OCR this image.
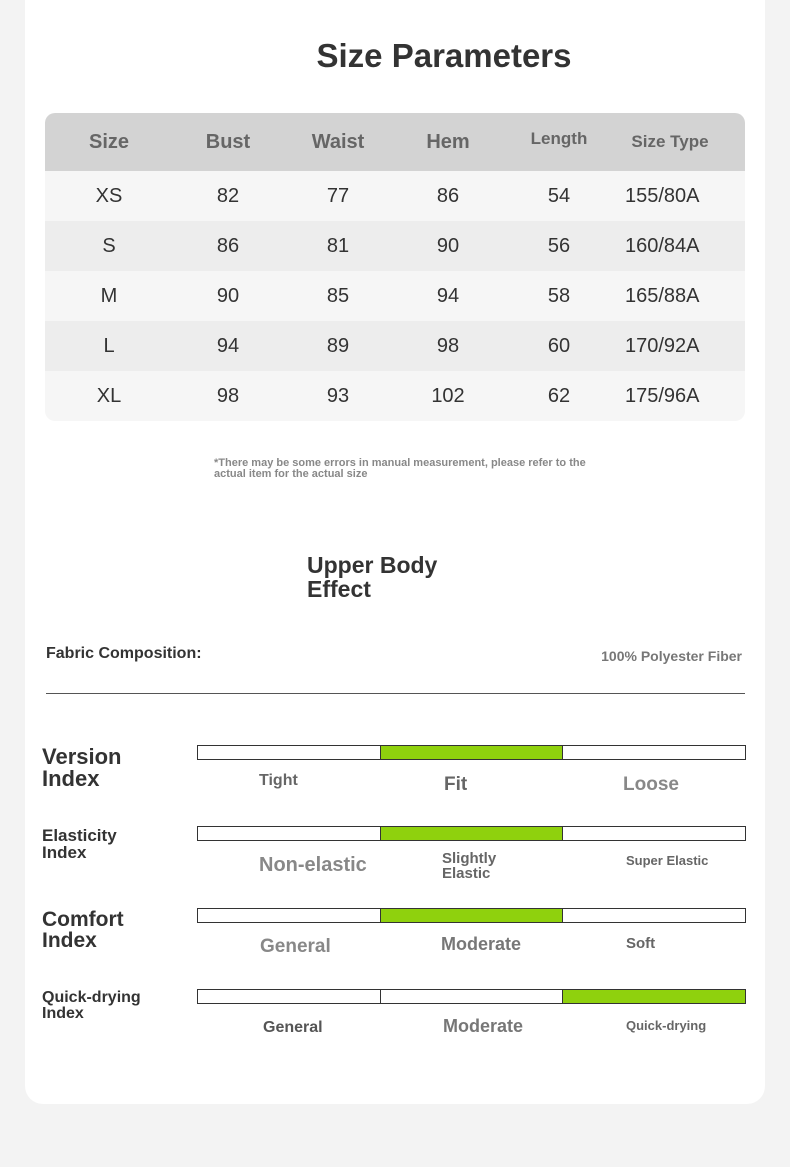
Size Parameters
Size	Bust	Waist	Hem	Length	Size Type
XS	82	77	86	54	155/80A
S	86	81	90	56	160/84A
M	90	85	94	58	165/88A
L	94	89	98	60	170/92A
XL	98	93	102	62	175/96A
*There may be some errors in manual measurement, please refer to the actual item for the actual size
Upper Body Effect
Fabric Composition:	100% Polyester Fiber
Version Index	Tight	Fit	Loose
Elasticity Index
Non-elastic	Slightly Elastic
Super Elastic
Comfort Index	General	Moderate	Soft
Quick-drying Index
General	Moderate	Quick-drying
